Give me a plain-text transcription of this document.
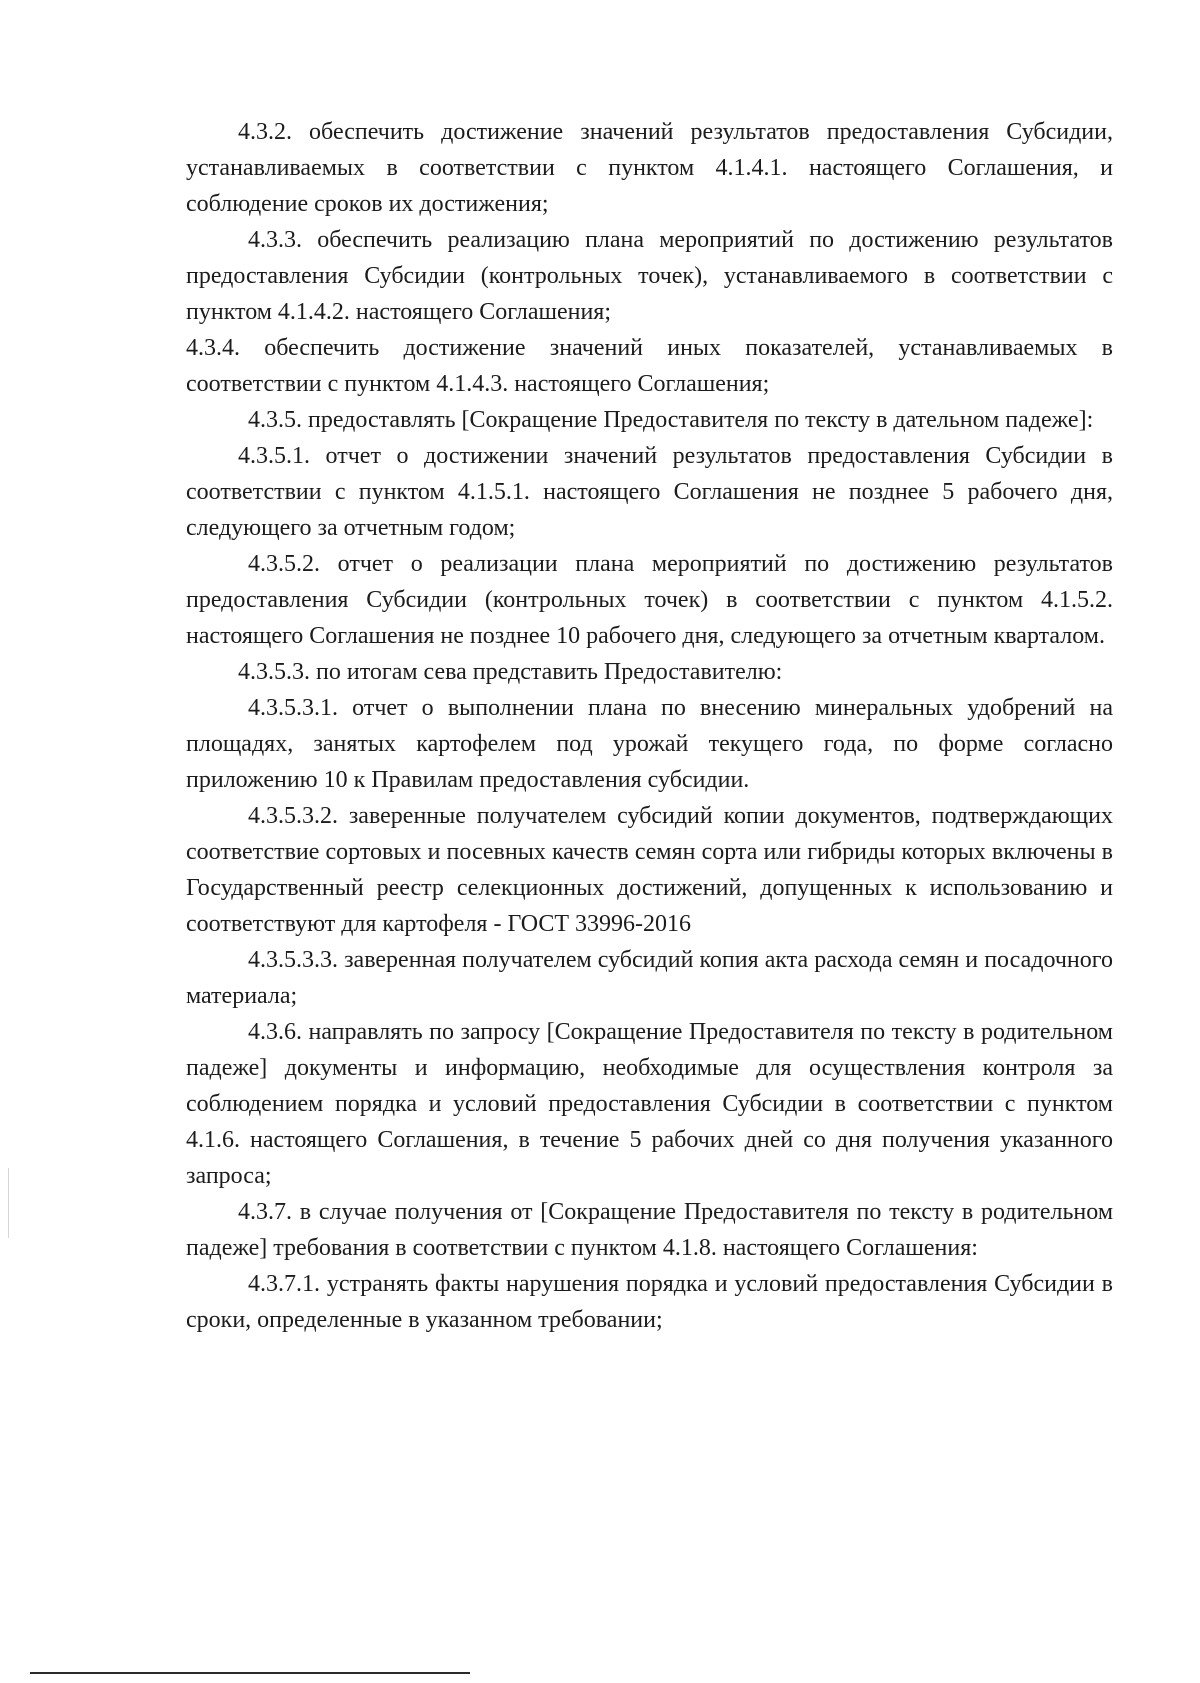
4.3.2. обеспечить достижение значений результатов предоставления Субсидии, устанавливаемых в соответствии с пунктом 4.1.4.1. настоящего Соглашения, и соблюдение сроков их достижения;

4.3.3. обеспечить реализацию плана мероприятий по достижению результатов предоставления Субсидии (контрольных точек), устанавливаемого в соответствии с пунктом 4.1.4.2. настоящего Соглашения;

4.3.4. обеспечить достижение значений иных показателей, устанавливаемых в соответствии с пунктом 4.1.4.3. настоящего Соглашения;

4.3.5. предоставлять [Сокращение Предоставителя по тексту в дательном падеже]:

4.3.5.1. отчет о достижении значений результатов предоставления Субсидии в соответствии с пунктом 4.1.5.1. настоящего Соглашения не позднее 5 рабочего дня, следующего за отчетным годом;

4.3.5.2. отчет о реализации плана мероприятий по достижению результатов предоставления Субсидии (контрольных точек) в соответствии с пунктом 4.1.5.2. настоящего Соглашения не позднее 10 рабочего дня, следующего за отчетным кварталом.

4.3.5.3. по итогам сева представить Предоставителю:

4.3.5.3.1. отчет о выполнении плана по внесению минеральных удобрений на площадях, занятых картофелем под урожай текущего года, по форме согласно приложению 10 к Правилам предоставления субсидии.

4.3.5.3.2. заверенные получателем субсидий копии документов, подтверждающих соответствие сортовых и посевных качеств семян сорта или гибриды которых включены в Государственный реестр селекционных достижений, допущенных к использованию и соответствуют для картофеля - ГОСТ 33996-2016

4.3.5.3.3. заверенная получателем субсидий копия акта расхода семян и посадочного материала;

4.3.6. направлять по запросу [Сокращение Предоставителя по тексту в родительном падеже] документы и информацию, необходимые для осуществления контроля за соблюдением порядка и условий предоставления Субсидии в соответствии с пунктом 4.1.6. настоящего Соглашения, в течение 5 рабочих дней со дня получения указанного запроса;

4.3.7. в случае получения от [Сокращение Предоставителя по тексту в родительном падеже] требования в соответствии с пунктом 4.1.8. настоящего Соглашения:

4.3.7.1. устранять факты нарушения порядка и условий предоставления Субсидии в сроки, определенные в указанном требовании;
